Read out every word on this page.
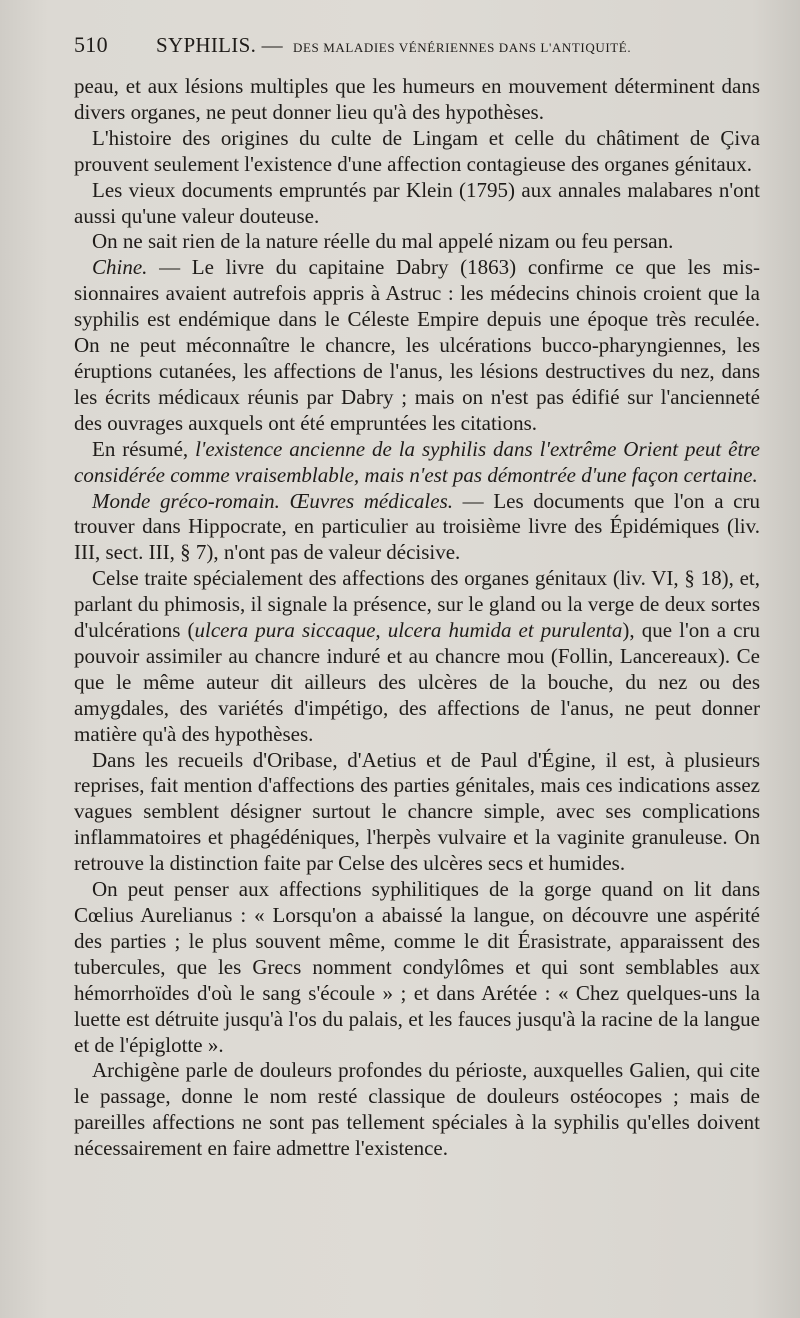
510	SYPHILIS. — DES MALADIES VÉNÉRIENNES DANS L'ANTIQUITÉ.

peau, et aux lésions multiples que les humeurs en mouvement déterminent dans divers organes, ne peut donner lieu qu'à des hypothèses.

L'histoire des origines du culte de Lingam et celle du châtiment de Çiva prouvent seulement l'existence d'une affection contagieuse des organes génitaux.

Les vieux documents empruntés par Klein (1795) aux annales malabares n'ont aussi qu'une valeur douteuse.

On ne sait rien de la nature réelle du mal appelé nizam ou feu persan.

Chine. — Le livre du capitaine Dabry (1863) confirme ce que les missionnaires avaient autrefois appris à Astruc : les médecins chinois croient que la syphilis est endémique dans le Céleste Empire depuis une époque très reculée. On ne peut méconnaître le chancre, les ulcérations bucco-pharyngiennes, les éruptions cutanées, les affections de l'anus, les lésions destructives du nez, dans les écrits médicaux réunis par Dabry ; mais on n'est pas édifié sur l'ancienneté des ouvrages auxquels ont été empruntées les citations.

En résumé, l'existence ancienne de la syphilis dans l'extrême Orient peut être considérée comme vraisemblable, mais n'est pas démontrée d'une façon certaine.

Monde gréco-romain. Œuvres médicales. — Les documents que l'on a cru trouver dans Hippocrate, en particulier au troisième livre des Épidémiques (liv. III, sect. III, § 7), n'ont pas de valeur décisive.

Celse traite spécialement des affections des organes génitaux (liv. VI, § 18), et, parlant du phimosis, il signale la présence, sur le gland ou la verge de deux sortes d'ulcérations (ulcera pura siccaque, ulcera humida et purulenta), que l'on a cru pouvoir assimiler au chancre induré et au chancre mou (Follin, Lancereaux). Ce que le même auteur dit ailleurs des ulcères de la bouche, du nez ou des amygdales, des variétés d'impétigo, des affections de l'anus, ne peut donner matière qu'à des hypothèses.

Dans les recueils d'Oribase, d'Aetius et de Paul d'Égine, il est, à plusieurs reprises, fait mention d'affections des parties génitales, mais ces indications assez vagues semblent désigner surtout le chancre simple, avec ses complications inflammatoires et phagédéniques, l'herpès vulvaire et la vaginite granuleuse. On retrouve la distinction faite par Celse des ulcères secs et humides.

On peut penser aux affections syphilitiques de la gorge quand on lit dans Cœlius Aurelianus : « Lorsqu'on a abaissé la langue, on découvre une aspérité des parties ; le plus souvent même, comme le dit Érasistrate, apparaissent des tubercules, que les Grecs nomment condylômes et qui sont semblables aux hémorrhoïdes d'où le sang s'écoule » ; et dans Arétée : « Chez quelques-uns la luette est détruite jusqu'à l'os du palais, et les fauces jusqu'à la racine de la langue et de l'épiglotte ».

Archigène parle de douleurs profondes du périoste, auxquelles Galien, qui cite le passage, donne le nom resté classique de douleurs ostéocopes ; mais de pareilles affections ne sont pas tellement spéciales à la syphilis qu'elles doivent nécessairement en faire admettre l'existence.
